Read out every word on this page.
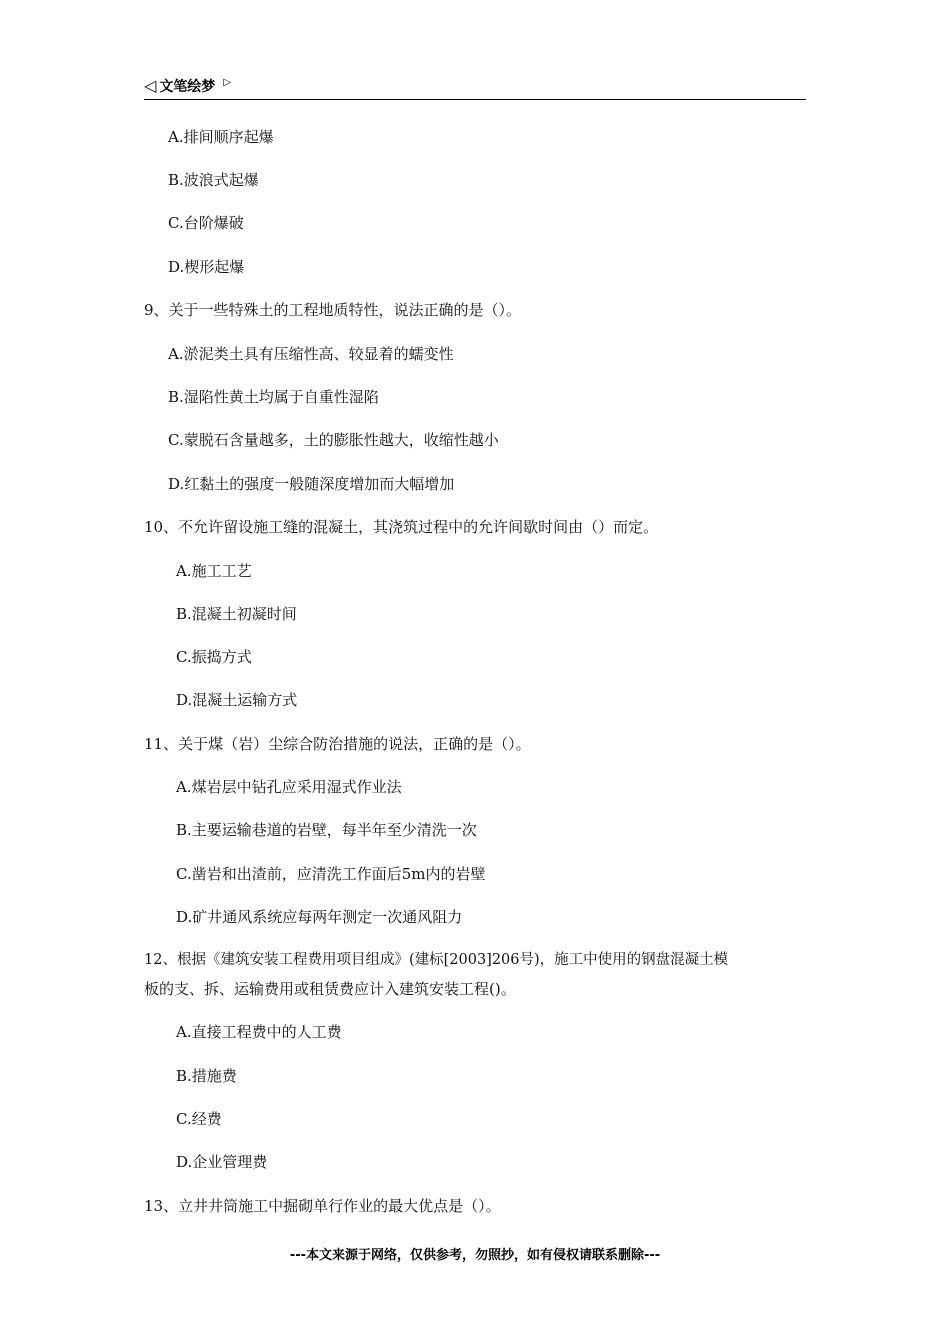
◁ 文笔绘梦 ▷
A.排间顺序起爆
B.波浪式起爆
C.台阶爆破
D.楔形起爆
9、关于一些特殊土的工程地质特性，说法正确的是（）。
A.淤泥类土具有压缩性高、较显着的蠕变性
B.湿陷性黄土均属于自重性湿陷
C.蒙脱石含量越多，土的膨胀性越大，收缩性越小
D.红黏土的强度一般随深度增加而大幅增加
10、不允许留设施工缝的混凝土，其浇筑过程中的允许间歇时间由（）而定。
A.施工工艺
B.混凝土初凝时间
C.振捣方式
D.混凝土运输方式
11、关于煤（岩）尘综合防治措施的说法，正确的是（）。
A.煤岩层中钻孔应采用湿式作业法
B.主要运输巷道的岩壁，每半年至少清洗一次
C.凿岩和出渣前，应清洗工作面后5m内的岩壁
D.矿井通风系统应每两年测定一次通风阻力
12、根据《建筑安装工程费用项目组成》(建标[2003]206号)，施工中使用的钢盘混凝土模
板的支、拆、运输费用或租赁费应计入建筑安装工程()。
A.直接工程费中的人工费
B.措施费
C.经费
D.企业管理费
13、立井井筒施工中掘砌单行作业的最大优点是（）。
---本文来源于网络，仅供参考，勿照抄，如有侵权请联系删除---
